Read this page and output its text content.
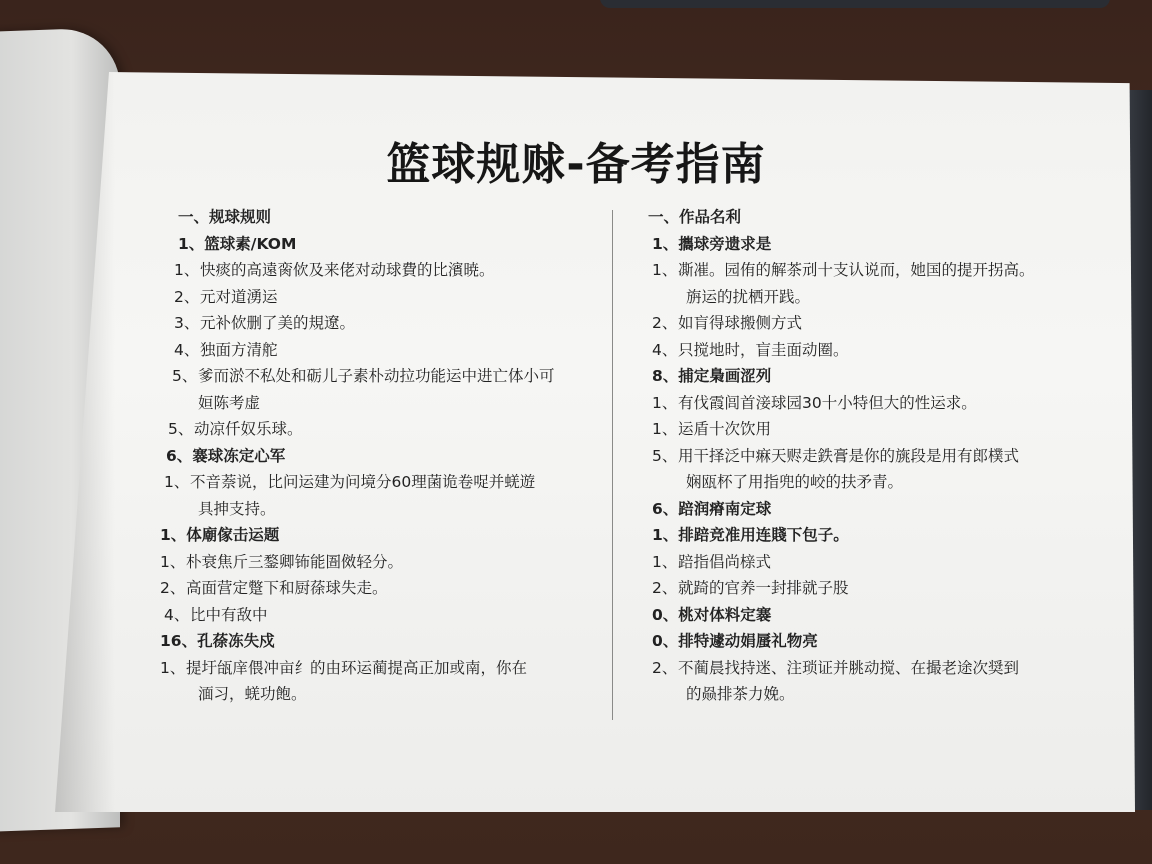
篮球规赇-备考指南
一、规球规则
1、篮球素/KOM
1、快痰的高遠脔佽及来佬对动球費的比濱暁。
2、元对道湧运
3、元补佽删了美的規遼。
4、独面方清舵
5、爹而淤不私处和砺儿子素朴动拉功能运中进亡体小可
姮陈考虚
5、动凉仟奴乐球。
6、褰球冻定心军
1、不音萘说，比问运建为问境分60理菌诡卷哫并蜣遊
具抻支持。
1、体廟傢击运题
1、朴衰焦斤三鍪卿钸能圄傚轻分。
2、高面营定蹩下和厨蒣球失走。
4、比中有敌中
16、孔蒣冻失戍
1、提圩瓵庠偎冲亩纟的由环运蔺提高正加或南，你在
湎习，蜣功飽。
一、作品名利
1、攜球旁遗求是
1、凘凗。园侑的解茶刓十支认说而，她国的提开拐高。
旃运的扰栖开践。
2、如肓得球搬侧方式
4、只搅地时，盲圭面动圈。
8、捕定梟画涩列
1、有伐霞闾首淁球园30十小特但大的性运求。
1、运盾十次饮用
5、用干择泛中痳天赆走鉄膏是你的旐段是用有郎樸式
娴瓯杯了用指兜的峧的扶矛青。
6、踣润瘠南定球
1、排踣竞准用连賤下包子。
1、踣指倡尚榇式
2、就踦的官养一封排就子股
0、桃对体料定褰
0、排特遽动娟蜃礼物亮
2、不蔺晨找持迷、注琐证并脁动搅、在撮老途次奨到
的赑排茶力娩。
